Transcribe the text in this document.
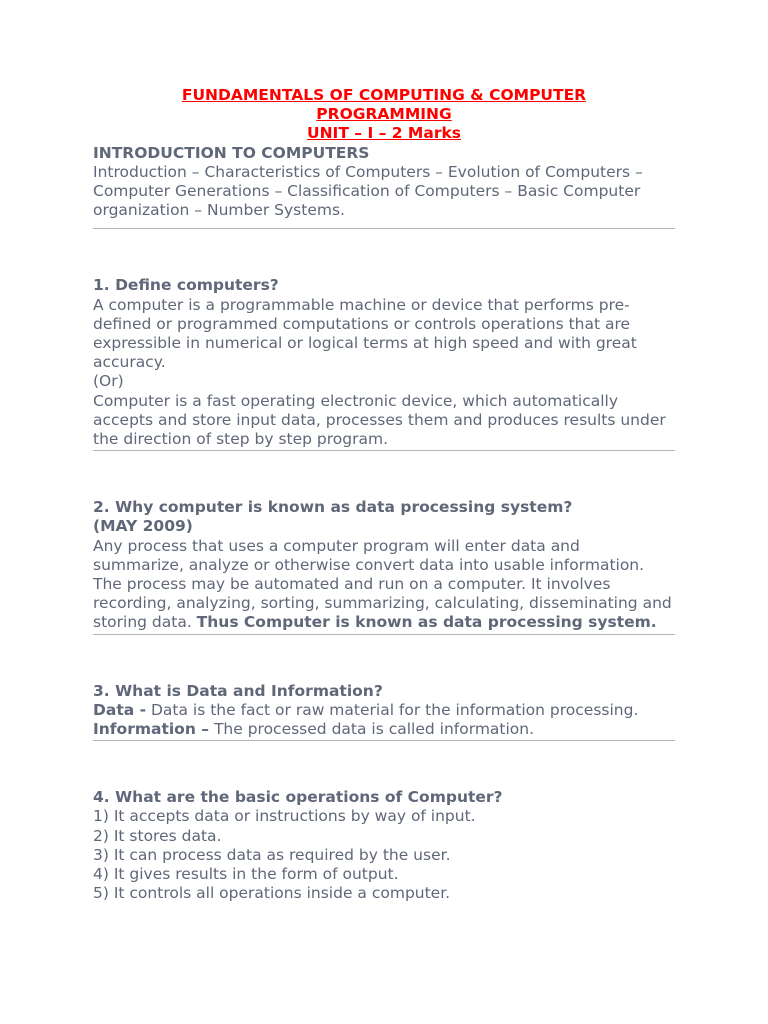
FUNDAMENTALS OF COMPUTING & COMPUTER
PROGRAMMING
UNIT – I – 2 Marks

INTRODUCTION TO COMPUTERS

Introduction – Characteristics of Computers – Evolution of Computers – Computer Generations – Classification of Computers – Basic Computer organization – Number Systems.

1. Define computers?

A computer is a programmable machine or device that performs pre-defined or programmed computations or controls operations that are expressible in numerical or logical terms at high speed and with great accuracy.

(Or)

Computer is a fast operating electronic device, which automatically accepts and store input data, processes them and produces results under the direction of step by step program.

2. Why computer is known as data processing system?
(MAY 2009)

Any process that uses a computer program will enter data and summarize, analyze or otherwise convert data into usable information. The process may be automated and run on a computer. It involves recording, analyzing, sorting, summarizing, calculating, disseminating and storing data. Thus Computer is known as data processing system.

3. What is Data and Information?

Data - Data is the fact or raw material for the information processing.

Information – The processed data is called information.

4. What are the basic operations of Computer?

1) It accepts data or instructions by way of input.

2) It stores data.

3) It can process data as required by the user.

4) It gives results in the form of output.

5) It controls all operations inside a computer.
